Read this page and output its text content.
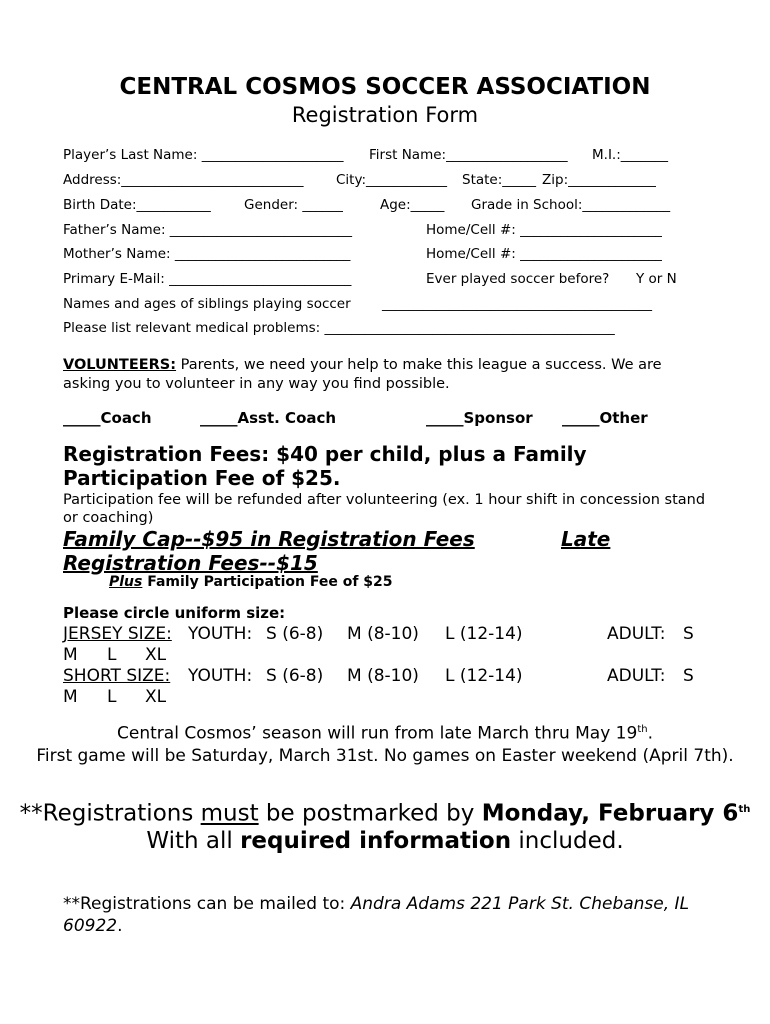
CENTRAL COSMOS SOCCER ASSOCIATION
Registration Form
Player’s Last Name: _____________________ First Name:__________________ M.I.:_______
Address:___________________________ City:____________ State:_____ Zip:_____________
Birth Date:___________ Gender: ______	Age:_____ Grade in School:_____________
Father’s Name: ___________________________	Home/Cell #: _____________________
Mother’s Name: __________________________	Home/Cell #: _____________________
Primary E-Mail: ___________________________	Ever played soccer before? Y or N
Names and ages of siblings playing soccer ________________________________________
Please list relevant medical problems: ___________________________________________
VOLUNTEERS: Parents, we need your help to make this league a success. We are asking you to volunteer in any way you find possible.
_____Coach	_____Asst. Coach	_____Sponsor _____Other
Registration Fees: $40 per child, plus a Family Participation Fee of $25.
Participation fee will be refunded after volunteering (ex. 1 hour shift in concession stand or coaching)
Family Cap--$95 in Registration Fees	Late
Registration Fees--$15
Plus Family Participation Fee of $25
Please circle uniform size:
JERSEY SIZE: YOUTH: S (6-8) M (8-10) L (12-14)	ADULT: S
M L XL
SHORT SIZE: YOUTH: S (6-8) M (8-10) L (12-14)	ADULT: S
M L XL
Central Cosmos’ season will run from late March thru May 19th.
First game will be Saturday, March 31st. No games on Easter weekend (April 7th).
**Registrations must be postmarked by Monday, February 6th
With all required information included.
**Registrations can be mailed to: Andra Adams 221 Park St. Chebanse, IL 60922.
